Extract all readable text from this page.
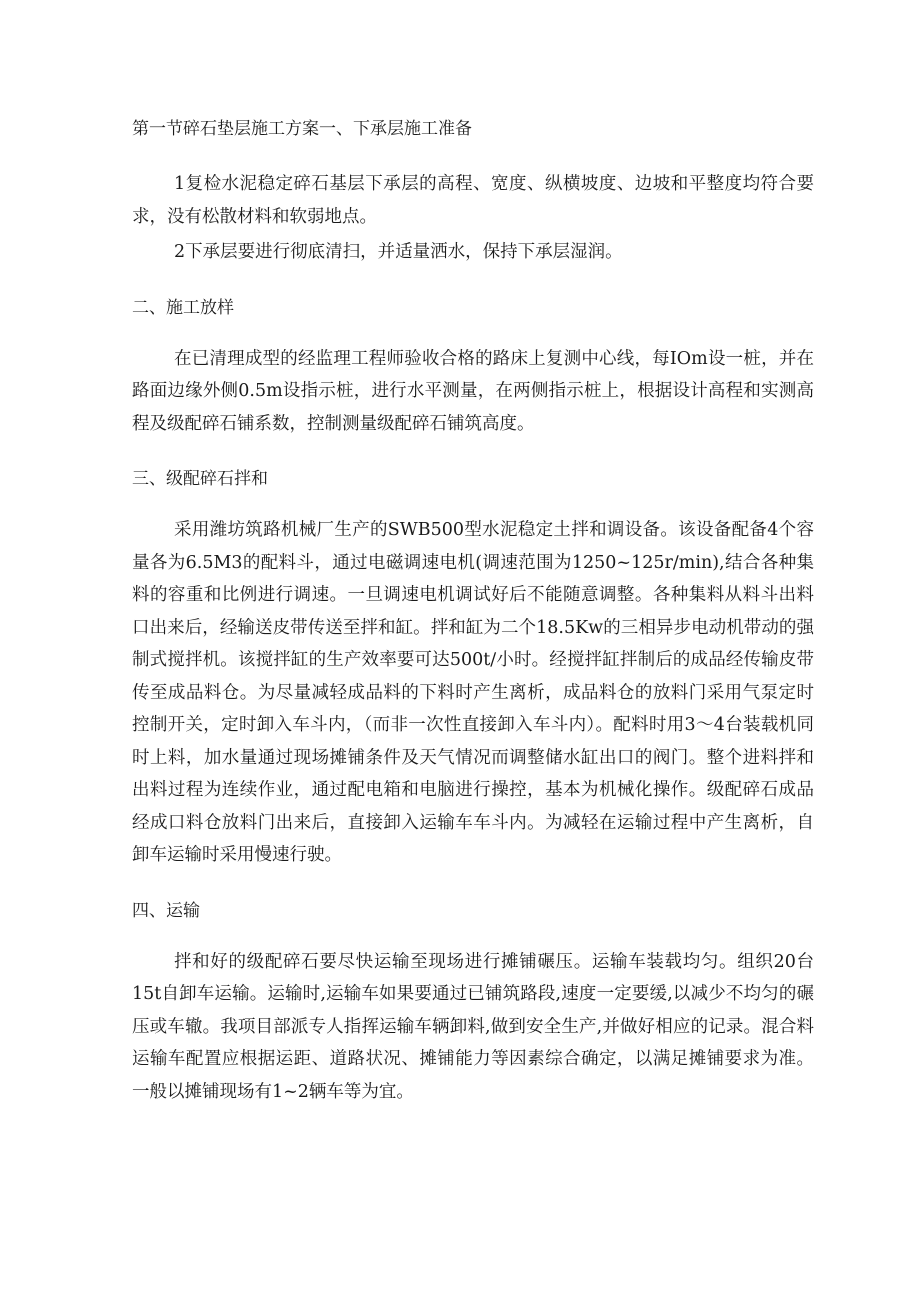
第一节碎石垫层施工方案一、下承层施工准备

1复检水泥稳定碎石基层下承层的高程、宽度、纵横坡度、边坡和平整度均符合要求，没有松散材料和软弱地点。

2下承层要进行彻底清扫，并适量洒水，保持下承层湿润。

二、施工放样

在已清理成型的经监理工程师验收合格的路床上复测中心线，每IOm设一桩，并在路面边缘外侧0.5m设指示桩，进行水平测量，在两侧指示桩上，根据设计高程和实测高程及级配碎石铺系数，控制测量级配碎石铺筑高度。

三、级配碎石拌和

采用潍坊筑路机械厂生产的SWB500型水泥稳定土拌和调设备。该设备配备4个容量各为6.5M3的配料斗，通过电磁调速电机(调速范围为1250~125r∕min),结合各种集料的容重和比例进行调速。一旦调速电机调试好后不能随意调整。各种集料从料斗出料口出来后，经输送皮带传送至拌和缸。拌和缸为二个18.5Kw的三相异步电动机带动的强制式搅拌机。该搅拌缸的生产效率要可达500t∕小时。经搅拌缸拌制后的成品经传输皮带传至成品料仓。为尽量减轻成品料的下料时产生离析，成品料仓的放料门采用气泵定时控制开关，定时卸入车斗内，（而非一次性直接卸入车斗内）。配料时用3～4台装载机同时上料，加水量通过现场摊铺条件及天气情况而调整储水缸出口的阀门。整个进料拌和出料过程为连续作业，通过配电箱和电脑进行操控，基本为机械化操作。级配碎石成品经成口料仓放料门出来后，直接卸入运输车车斗内。为减轻在运输过程中产生离析，自卸车运输时采用慢速行驶。

四、运输

拌和好的级配碎石要尽快运输至现场进行摊铺碾压。运输车装载均匀。组织20台15t自卸车运输。运输时,运输车如果要通过已铺筑路段,速度一定要缓,以减少不均匀的碾压或车辙。我项目部派专人指挥运输车辆卸料,做到安全生产,并做好相应的记录。混合料运输车配置应根据运距、道路状况、摊铺能力等因素综合确定，以满足摊铺要求为准。一般以摊铺现场有1~2辆车等为宜。
